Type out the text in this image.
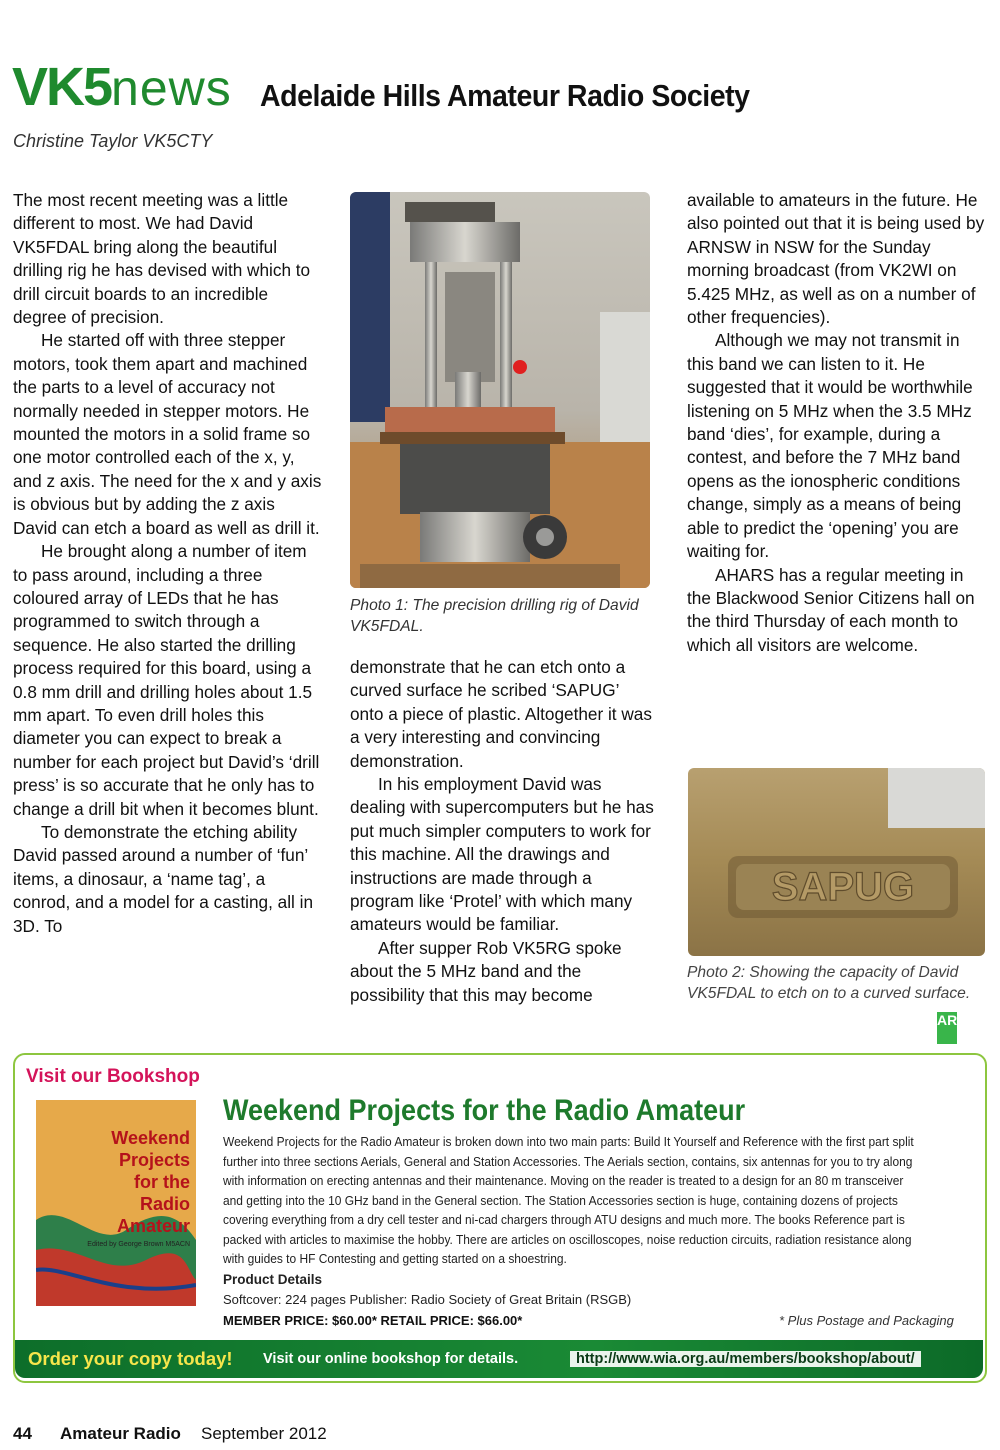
VK5news Adelaide Hills Amateur Radio Society
Christine Taylor VK5CTY

The most recent meeting was a little different to most. We had David VK5FDAL bring along the beautiful drilling rig he has devised with which to drill circuit boards to an incredible degree of precision.

He started off with three stepper motors, took them apart and machined the parts to a level of accuracy not normally needed in stepper motors. He mounted the motors in a solid frame so one motor controlled each of the x, y, and z axis. The need for the x and y axis is obvious but by adding the z axis David can etch a board as well as drill it.

He brought along a number of item to pass around, including a three coloured array of LEDs that he has programmed to switch through a sequence. He also started the drilling process required for this board, using a 0.8 mm drill and drilling holes about 1.5 mm apart. To even drill holes this diameter you can expect to break a number for each project but David’s ‘drill press’ is so accurate that he only has to change a drill bit when it becomes blunt.

To demonstrate the etching ability David passed around a number of ‘fun’ items, a dinosaur, a ‘name tag’, a conrod, and a model for a casting, all in 3D. To

Photo 1: The precision drilling rig of David VK5FDAL.

demonstrate that he can etch onto a curved surface he scribed ‘SAPUG’ onto a piece of plastic. Altogether it was a very interesting and convincing demonstration.

In his employment David was dealing with supercomputers but he has put much simpler computers to work for this machine. All the drawings and instructions are made through a program like ‘Protel’ with which many amateurs would be familiar.

After supper Rob VK5RG spoke about the 5 MHz band and the possibility that this may become

available to amateurs in the future. He also pointed out that it is being used by ARNSW in NSW for the Sunday morning broadcast (from VK2WI on 5.425 MHz, as well as on a number of other frequencies).

Although we may not transmit in this band we can listen to it. He suggested that it would be worthwhile listening on 5 MHz when the 3.5 MHz band ‘dies’, for example, during a contest, and before the 7 MHz band opens as the ionospheric conditions change, simply as a means of being able to predict the ‘opening’ you are waiting for.

AHARS has a regular meeting in the Blackwood Senior Citizens hall on the third Thursday of each month to which all visitors are welcome.

SAPUG
Photo 2: Showing the capacity of David VK5FDAL to etch on to a curved surface.
AR
Visit our Bookshop
Weekend
Projects
for the
Radio
Amateur
Edited by George Brown M5ACN
Weekend Projects for the Radio Amateur
Weekend Projects for the Radio Amateur is broken down into two main parts: Build It Yourself and Reference with the first part split further into three sections Aerials, General and Station Accessories. The Aerials section, contains, six antennas for you to try along with information on erecting antennas and their maintenance. Moving on the reader is treated to a design for an 80 m transceiver and getting into the 10 GHz band in the General section. The Station Accessories section is huge, containing dozens of projects covering everything from a dry cell tester and ni-cad chargers through ATU designs and much more. The books Reference part is packed with articles to maximise the hobby. There are articles on oscilloscopes, noise reduction circuits, radiation resistance along with guides to HF Contesting and getting started on a shoestring.
Product Details
Softcover: 224 pages Publisher: Radio Society of Great Britain (RSGB)
MEMBER PRICE: $60.00* RETAIL PRICE: $66.00*	* Plus Postage and Packaging
Order your copy today! Visit our online bookshop for details.	http://www.wia.org.au/members/bookshop/about/
44 Amateur Radio September 2012
